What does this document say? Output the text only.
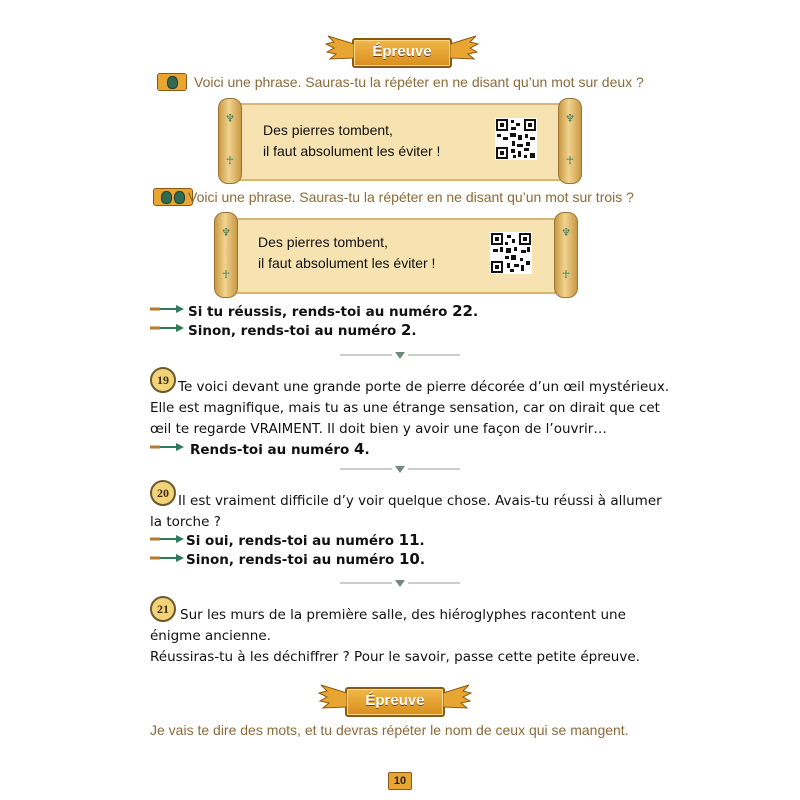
Épreuve
Voici une phrase. Sauras-tu la répéter en ne disant qu’un mot sur deux ?
♆
☥
♆
☥
Des pierres tombent,
il faut absolument les éviter !
Voici une phrase. Sauras-tu la répéter en ne disant qu’un mot sur trois ?
♆
☥
♆
☥
Des pierres tombent,
il faut absolument les éviter !
Si tu réussis, rends-toi au numéro 22.
Sinon, rends-toi au numéro 2.
19 Te voici devant une grande porte de pierre décorée d’un œil mystérieux.
Elle est magnifique, mais tu as une étrange sensation, car on dirait que cet
œil te regarde VRAIMENT. Il doit bien y avoir une façon de l’ouvrir…
Rends-toi au numéro 4.
20 Il est vraiment difficile d’y voir quelque chose. Avais-tu réussi à allumer
la torche ?
Si oui, rends-toi au numéro 11.
Sinon, rends-toi au numéro 10.
21 Sur les murs de la première salle, des hiéroglyphes racontent une
énigme ancienne.
Réussiras-tu à les déchiffrer ? Pour le savoir, passe cette petite épreuve.
Épreuve
Je vais te dire des mots, et tu devras répéter le nom de ceux qui se mangent.
10
